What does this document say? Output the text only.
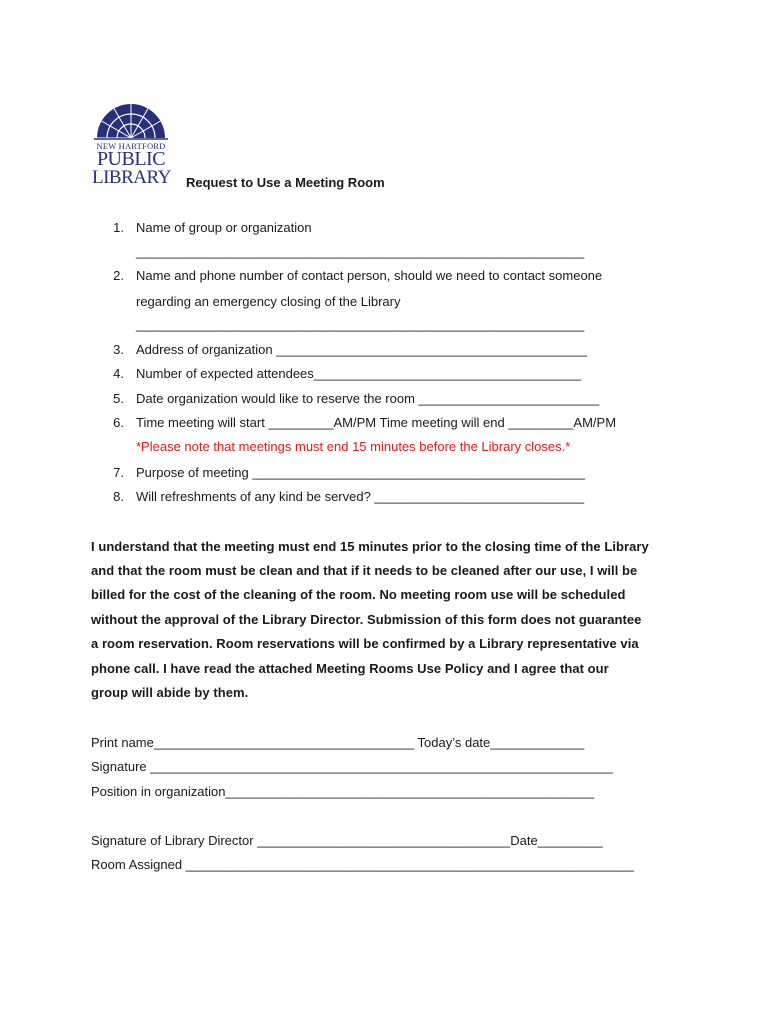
NEW HARTFORD
PUBLIC
LIBRARY Request to Use a Meeting Room
1. Name of group or organization
______________________________________________________________
2. Name and phone number of contact person, should we need to contact someone
regarding an emergency closing of the Library
______________________________________________________________
3. Address of organization ___________________________________________
4. Number of expected attendees_____________________________________
5. Date organization would like to reserve the room _________________________
6. Time meeting will start _________AM/PM Time meeting will end _________AM/PM
*Please note that meetings must end 15 minutes before the Library closes.*
7. Purpose of meeting ______________________________________________
8. Will refreshments of any kind be served? _____________________________
I understand that the meeting must end 15 minutes prior to the closing time of the Library
and that the room must be clean and that if it needs to be cleaned after our use, I will be
billed for the cost of the cleaning of the room. No meeting room use will be scheduled
without the approval of the Library Director. Submission of this form does not guarantee
a room reservation. Room reservations will be confirmed by a Library representative via
phone call. I have read the attached Meeting Rooms Use Policy and I agree that our
group will abide by them.
Print name____________________________________ Today’s date_____________
Signature ________________________________________________________________
Position in organization___________________________________________________
Signature of Library Director ___________________________________Date_________
Room Assigned ______________________________________________________________
